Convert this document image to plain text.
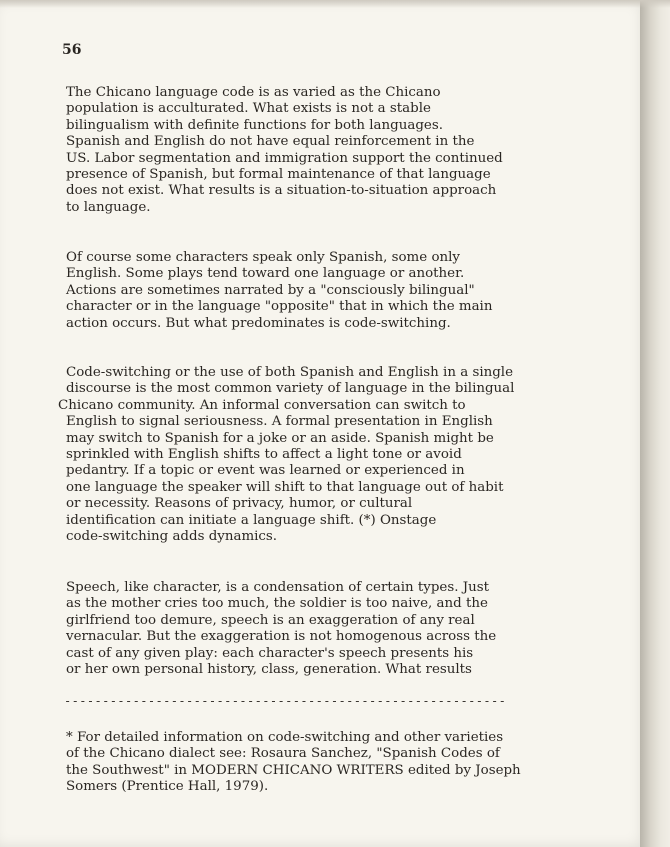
56

The Chicano language code is as varied as the Chicano
population is acculturated. What exists is not a stable
bilingualism with definite functions for both languages.
Spanish and English do not have equal reinforcement in the
US. Labor segmentation and immigration support the continued
presence of Spanish, but formal maintenance of that language
does not exist. What results is a situation-to-situation approach
to language.

Of course some characters speak only Spanish, some only
English. Some plays tend toward one language or another.
Actions are sometimes narrated by a "consciously bilingual"
character or in the language "opposite" that in which the main
action occurs. But what predominates is code-switching.

Code-switching or the use of both Spanish and English in a single
discourse is the most common variety of language in the bilingual
Chicano community. An informal conversation can switch to
English to signal seriousness. A formal presentation in English
may switch to Spanish for a joke or an aside. Spanish might be
sprinkled with English shifts to affect a light tone or avoid
pedantry. If a topic or event was learned or experienced in
one language the speaker will shift to that language out of habit
or necessity. Reasons of privacy, humor, or cultural
identification can initiate a language shift. (*) Onstage
code-switching adds dynamics.

Speech, like character, is a condensation of certain types. Just
as the mother cries too much, the soldier is too naive, and the
girlfriend too demure, speech is an exaggeration of any real
vernacular. But the exaggeration is not homogenous across the
cast of any given play: each character's speech presents his
or her own personal history, class, generation. What results

----------------------------------------------------------

* For detailed information on code-switching and other varieties
of the Chicano dialect see: Rosaura Sanchez, "Spanish Codes of
the Southwest" in MODERN CHICANO WRITERS edited by Joseph
Somers (Prentice Hall, 1979).
